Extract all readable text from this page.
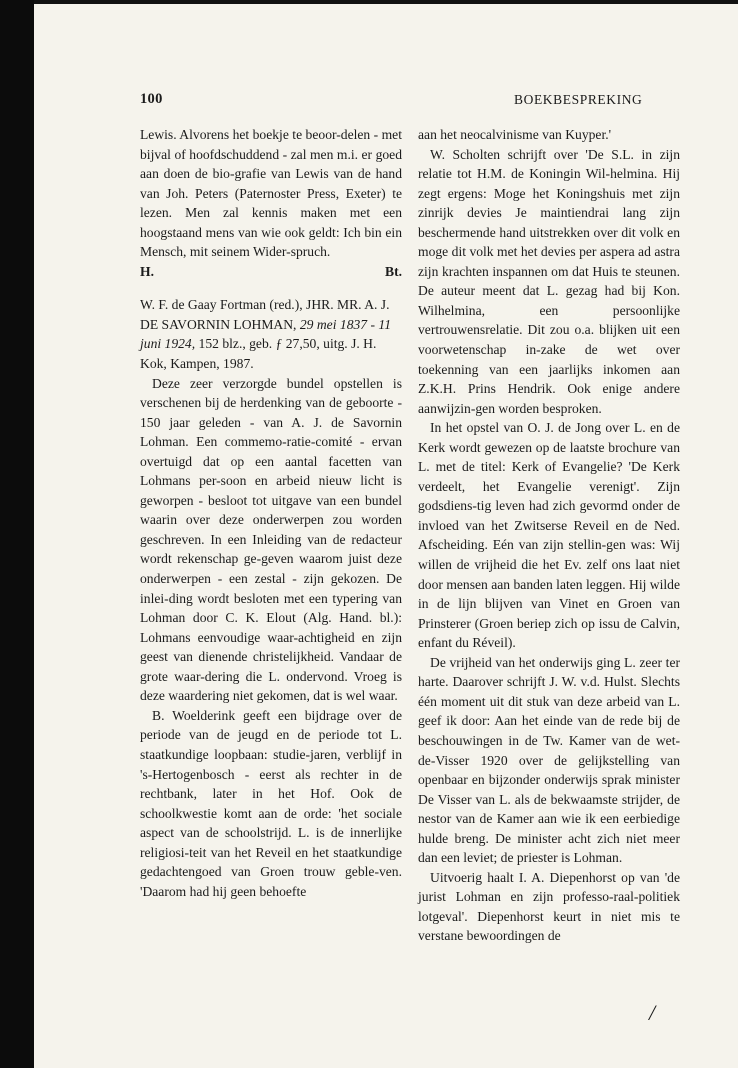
100	BOEKBESPREKING

Lewis. Alvorens het boekje te beoor-delen - met bijval of hoofdschuddend - zal men m.i. er goed aan doen de bio-grafie van Lewis van de hand van Joh. Peters (Paternoster Press, Exeter) te lezen. Men zal kennis maken met een hoogstaand mens van wie ook geldt: Ich bin ein Mensch, mit seinem Wider-spruch.

H.	Bt.

W. F. de Gaay Fortman (red.), JHR. MR. A. J. DE SAVORNIN LOHMAN, 29 mei 1837 - 11 juni 1924, 152 blz., geb. ƒ 27,50, uitg. J. H. Kok, Kampen, 1987.

Deze zeer verzorgde bundel opstellen is verschenen bij de herdenking van de geboorte - 150 jaar geleden - van A. J. de Savornin Lohman. Een commemo-ratie-comité - ervan overtuigd dat op een aantal facetten van Lohmans per-soon en arbeid nieuw licht is geworpen - besloot tot uitgave van een bundel waarin over deze onderwerpen zou worden geschreven. In een Inleiding van de redacteur wordt rekenschap ge-geven waarom juist deze onderwerpen - een zestal - zijn gekozen. De inlei-ding wordt besloten met een typering van Lohman door C. K. Elout (Alg. Hand. bl.): Lohmans eenvoudige waar-achtigheid en zijn geest van dienende christelijkheid. Vandaar de grote waar-dering die L. ondervond. Vroeg is deze waardering niet gekomen, dat is wel waar.

B. Woelderink geeft een bijdrage over de periode van de jeugd en de periode tot L. staatkundige loopbaan: studie-jaren, verblijf in 's-Hertogenbosch - eerst als rechter in de rechtbank, later in het Hof. Ook de schoolkwestie komt aan de orde: 'het sociale aspect van de schoolstrijd. L. is de innerlijke religiosi-teit van het Reveil en het staatkundige gedachtengoed van Groen trouw geble-ven. 'Daarom had hij geen behoefte

aan het neocalvinisme van Kuyper.'

W. Scholten schrijft over 'De S.L. in zijn relatie tot H.M. de Koningin Wil-helmina. Hij zegt ergens: Moge het Koningshuis met zijn zinrijk devies Je maintiendrai lang zijn beschermende hand uitstrekken over dit volk en moge dit volk met het devies per aspera ad astra zijn krachten inspannen om dat Huis te steunen. De auteur meent dat L. gezag had bij Kon. Wilhelmina, een persoonlijke vertrouwensrelatie. Dit zou o.a. blijken uit een voorwetenschap in-zake de wet over toekenning van een jaarlijks inkomen aan Z.K.H. Prins Hendrik. Ook enige andere aanwijzin-gen worden besproken.

In het opstel van O. J. de Jong over L. en de Kerk wordt gewezen op de laatste brochure van L. met de titel: Kerk of Evangelie? 'De Kerk verdeelt, het Evangelie verenigt'. Zijn godsdiens-tig leven had zich gevormd onder de invloed van het Zwitserse Reveil en de Ned. Afscheiding. Eén van zijn stellin-gen was: Wij willen de vrijheid die het Ev. zelf ons laat niet door mensen aan banden laten leggen. Hij wilde in de lijn blijven van Vinet en Groen van Prinsterer (Groen beriep zich op issu de Calvin, enfant du Réveil).

De vrijheid van het onderwijs ging L. zeer ter harte. Daarover schrijft J. W. v.d. Hulst. Slechts één moment uit dit stuk van deze arbeid van L. geef ik door: Aan het einde van de rede bij de beschouwingen in de Tw. Kamer van de wet-de-Visser 1920 over de gelijkstelling van openbaar en bijzonder onderwijs sprak minister De Visser van L. als de bekwaamste strijder, de nestor van de Kamer aan wie ik een eerbiedige hulde breng. De minister acht zich niet meer dan een leviet; de priester is Lohman.

Uitvoerig haalt I. A. Diepenhorst op van 'de jurist Lohman en zijn professo-raal-politiek lotgeval'. Diepenhorst keurt in niet mis te verstane bewoordingen de

/
